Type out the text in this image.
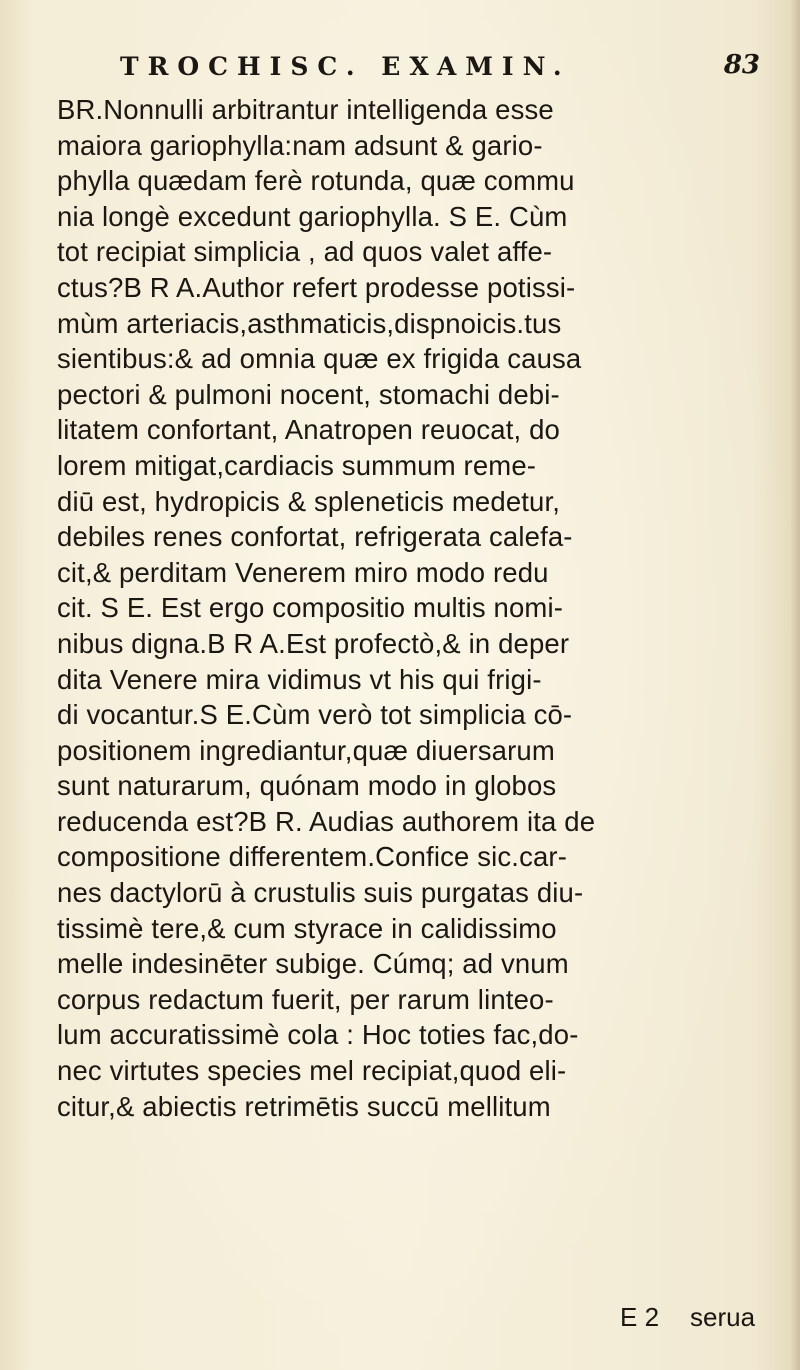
TROCHISC. EXAMIN.	83
BR.Nonnulli arbitrantur intelligenda esse
maiora gariophylla:nam adsunt & gario-
phylla quædam ferè rotunda, quæ commu
nia longè excedunt gariophylla. S E. Cùm
tot recipiat simplicia , ad quos valet affe-
ctus?B R A.Author refert prodesse potissi-
mùm arteriacis,asthmaticis,dispnoicis.tus
sientibus:& ad omnia quæ ex frigida causa
pectori & pulmoni nocent, stomachi debi-
litatem confortant, Anatropen reuocat, do
lorem mitigat,cardiacis summum reme-
diū est, hydropicis & spleneticis medetur,
debiles renes confortat, refrigerata calefa-
cit,& perditam Venerem miro modo redu
cit. S E. Est ergo compositio multis nomi-
nibus digna.B R A.Est profectò,& in deper
dita Venere mira vidimus vt his qui frigi-
di vocantur.S E.Cùm verò tot simplicia cō-
positionem ingrediantur,quæ diuersarum
sunt naturarum, quónam modo in globos
reducenda est?B R. Audias authorem ita de
compositione differentem.Confice sic.car-
nes dactylorū à crustulis suis purgatas diu-
tissimè tere,& cum styrace in calidissimo
melle indesinēter subige. Cúmq; ad vnum
corpus redactum fuerit, per rarum linteo-
lum accuratissimè cola : Hoc toties fac,do-
nec virtutes species mel recipiat,quod eli-
citur,& abiectis retrimētis succū mellitum
E 2 serua
